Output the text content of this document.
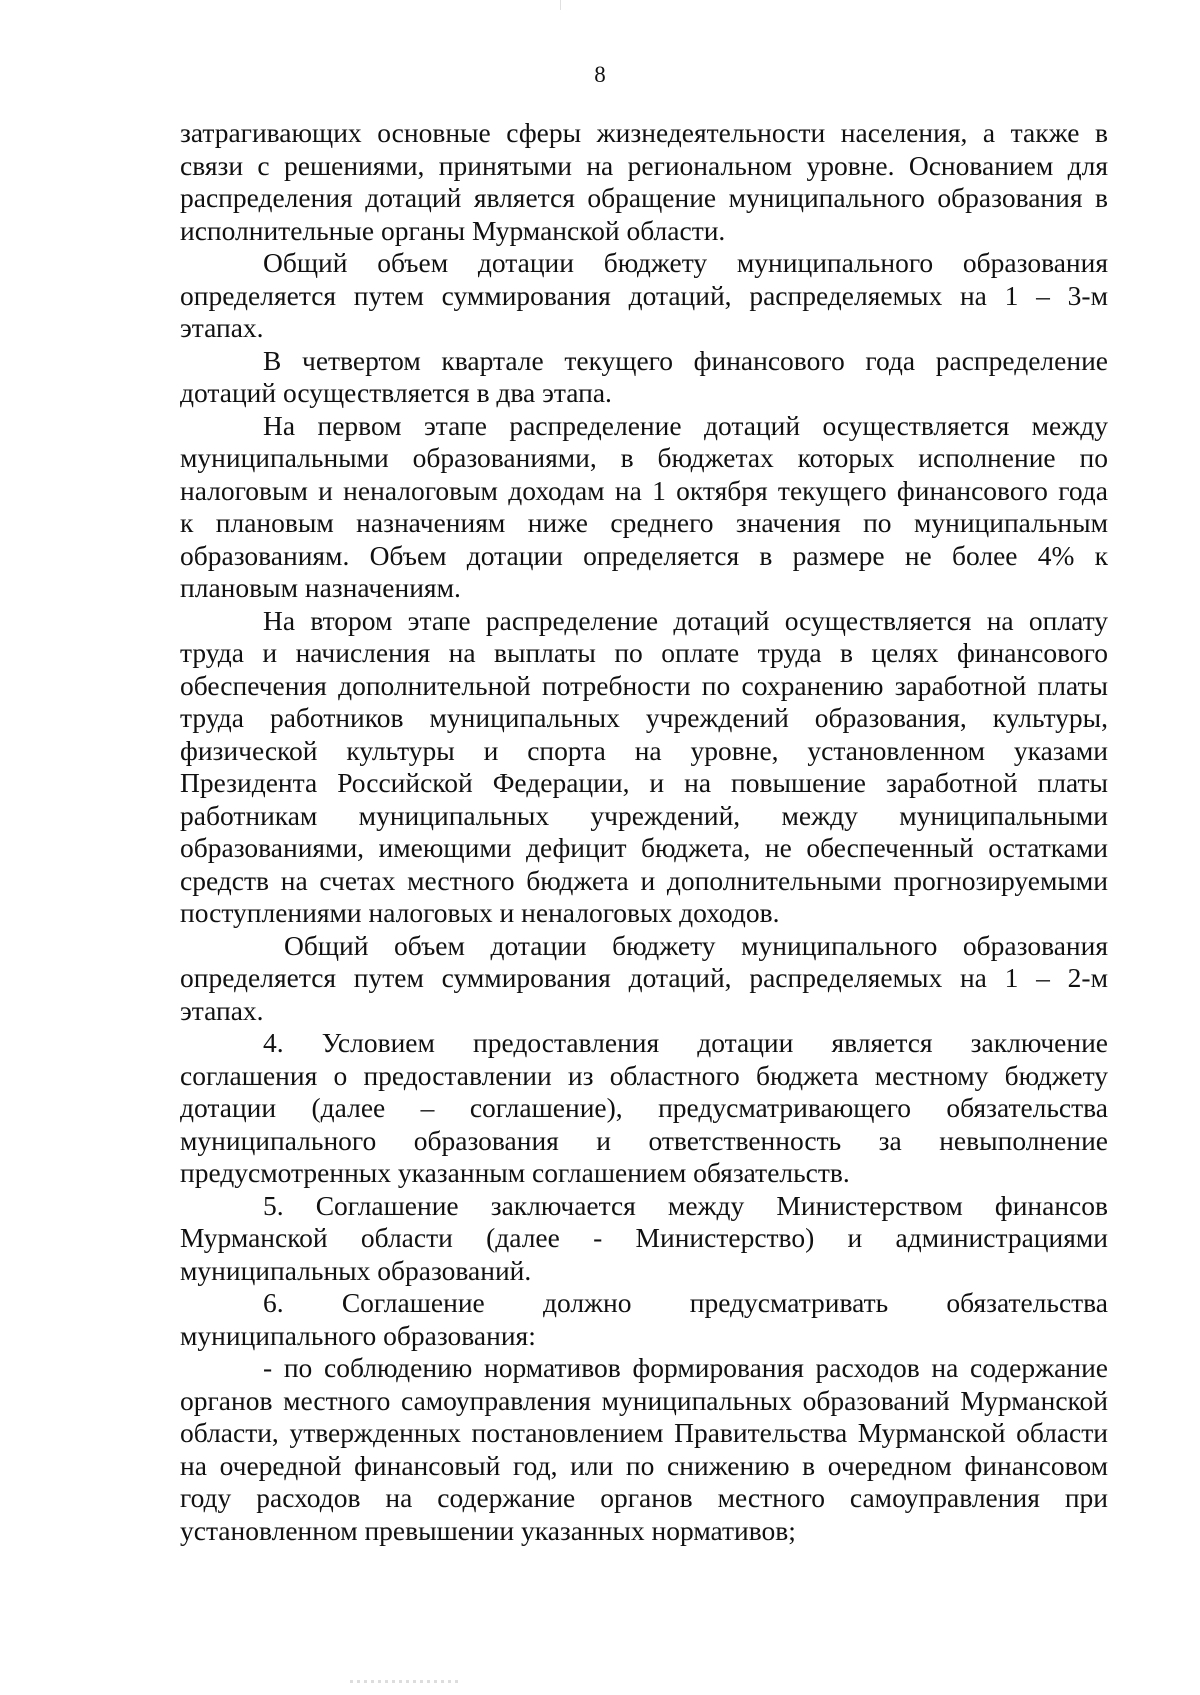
8

затрагивающих основные сферы жизнедеятельности населения, а также в
связи с решениями, принятыми на региональном уровне. Основанием для
распределения дотаций является обращение муниципального образования в
исполнительные органы Мурманской области.

Общий объем дотации бюджету муниципального образования
определяется путем суммирования дотаций, распределяемых на 1 – 3-м
этапах.

В четвертом квартале текущего финансового года распределение
дотаций осуществляется в два этапа.

На первом этапе распределение дотаций осуществляется между
муниципальными образованиями, в бюджетах которых исполнение по
налоговым и неналоговым доходам на 1 октября текущего финансового года
к плановым назначениям ниже среднего значения по муниципальным
образованиям. Объем дотации определяется в размере не более 4% к
плановым назначениям.

На втором этапе распределение дотаций осуществляется на оплату
труда и начисления на выплаты по оплате труда в целях финансового
обеспечения дополнительной потребности по сохранению заработной платы
труда работников муниципальных учреждений образования, культуры,
физической культуры и спорта на уровне, установленном указами
Президента Российской Федерации, и на повышение заработной платы
работникам муниципальных учреждений, между муниципальными
образованиями, имеющими дефицит бюджета, не обеспеченный остатками
средств на счетах местного бюджета и дополнительными прогнозируемыми
поступлениями налоговых и неналоговых доходов.

Общий объем дотации бюджету муниципального образования
определяется путем суммирования дотаций, распределяемых на 1 – 2-м
этапах.

4. Условием предоставления дотации является заключение
соглашения о предоставлении из областного бюджета местному бюджету
дотации (далее – соглашение), предусматривающего обязательства
муниципального образования и ответственность за невыполнение
предусмотренных указанным соглашением обязательств.

5. Соглашение заключается между Министерством финансов
Мурманской области (далее - Министерство) и администрациями
муниципальных образований.

6. Соглашение должно предусматривать обязательства
муниципального образования:

- по соблюдению нормативов формирования расходов на содержание
органов местного самоуправления муниципальных образований Мурманской
области, утвержденных постановлением Правительства Мурманской области
на очередной финансовый год, или по снижению в очередном финансовом
году расходов на содержание органов местного самоуправления при
установленном превышении указанных нормативов;
